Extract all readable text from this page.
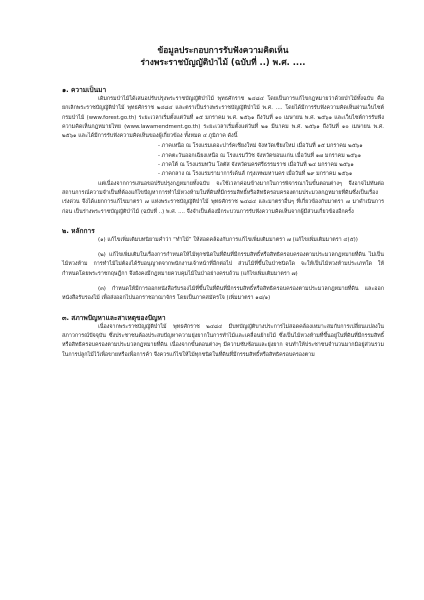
ข้อมูลประกอบการรับฟังความคิดเห็น
ร่างพระราชบัญญัติป่าไม้ (ฉบับที่ ..) พ.ศ. ....
๑. ความเป็นมา

เดิมกรมป่าไม้ได้เสนอปรับปรุงพระราชบัญญัติป่าไม้ พุทธศักราช ๒๔๘๔ โดยเป็นการแก้ไขกฎหมายว่าด้วยป่าไม้ทั้งฉบับ คือ ยกเลิกพระราชบัญญัติป่าไม้ พุทธศักราช ๒๔๘๔ และตราเป็นร่างพระราชบัญญัติป่าไม้ พ.ศ. .... โดยได้มีการรับฟังความคิดเห็นผ่านเว็บไซต์กรมป่าไม้ (www.forest.go.th) ระยะเวลาเริ่มตั้งแต่วันที่ ๑๕ มกราคม พ.ศ. ๒๕๖๑ ถึงวันที่ ๑๐ เมษายน พ.ศ. ๒๕๖๑ และเว็บไซต์การรับฟังความคิดเห็นกฎหมายไทย (www.lawamendment.go.th) ระยะเวลาเริ่มตั้งแต่วันที่ ๒๑ มีนาคม พ.ศ. ๒๕๖๑ ถึงวันที่ ๑๐ เมษายน พ.ศ. ๒๕๖๑ และได้มีการรับฟังความคิดเห็นของผู้เกี่ยวข้อง ทั้งหมด ๔ ภูมิภาค ดังนี้

- ภาคเหนือ ณ โรงแรมเดอะปาร์คเชียงใหม่ จังหวัดเชียงใหม่ เมื่อวันที่ ๑๕ มกราคม ๒๕๖๑
- ภาคตะวันออกเฉียงเหนือ ณ โรงแรมวีวิช จังหวัดขอนแก่น เมื่อวันที่ ๑๗ มกราคม ๒๕๖๑
- ภาคใต้ ณ โรงแรมทวิน โลตัส จังหวัดนครศรีธรรมราช เมื่อวันที่ ๒๔ มกราคม ๒๕๖๑
- ภาคกลาง ณ โรงแรมรามาการ์เด้นส์ กรุงเทพมหานคร เมื่อวันที่ ๒๙ มกราคม ๒๕๖๑

แต่เนื่องจากการเสนอขอปรับปรุงกฎหมายทั้งฉบับ จะใช้เวลาค่อนข้างมากในการพิจารณาในขั้นตอนต่างๆ จึงอาจไม่ทันต่อสถานการณ์ความจำเป็นที่ต้องแก้ไขปัญหาการทำไม้หวงห้ามในที่ดินที่มีกรรมสิทธิ์หรือสิทธิครอบครองตามประมวลกฎหมายที่ดินซึ่งเป็นเรื่องเร่งด่วน จึงได้แยกการแก้ไขมาตรา ๗ แห่งพระราชบัญญัติป่าไม้ พุทธศักราช ๒๔๘๔ และมาตราอื่นๆ ที่เกี่ยวข้องกับมาตรา ๗ มาดำเนินการก่อน เป็นร่างพระราชบัญญัติป่าไม้ (ฉบับที่ ..) พ.ศ. .... จึงจำเป็นต้องมีกระบวนการรับฟังความคิดเห็นจากผู้มีส่วนเกี่ยวข้องอีกครั้ง

๒. หลักการ

(๑) แก้ไขเพิ่มเติมบทนิยามคำว่า “ทำไม้” ให้สอดคล้องกับการแก้ไขเพิ่มเติมมาตรา ๗ (แก้ไขเพิ่มเติมมาตรา ๔(๕))

(๒) แก้ไขเพิ่มเติมในเรื่องการกำหนดให้ไม้ทุกชนิดในที่ดินที่มีกรรมสิทธิ์หรือสิทธิครอบครองตามประมวลกฎหมายที่ดิน ไม่เป็นไม้หวงห้าม การทำไม้ไม่ต้องได้รับอนุญาตจากพนักงานเจ้าหน้าที่อีกต่อไป ส่วนไม้ที่ขึ้นในป่าชนิดใด จะให้เป็นไม้หวงห้ามประเภทใด ให้กำหนดโดยพระราชกฤษฎีกา จึงยังคงมีกฎหมายควบคุมไม้ในป่าอย่างครบถ้วน (แก้ไขเพิ่มเติมมาตรา ๗)

(๓) กำหนดให้มีการออกหนังสือรับรองไม้ที่ขึ้นในที่ดินที่มีกรรมสิทธิ์หรือสิทธิครอบครองตามประมวลกฎหมายที่ดิน และออกหนังสือรับรองไม้ เพื่อส่งออกไปนอกราชอาณาจักร โดยเป็นภาคสมัครใจ (เพิ่มมาตรา ๑๘/๑)

๓. สภาพปัญหาและสาเหตุของปัญหา

เนื่องจากพระราชบัญญัติป่าไม้ พุทธศักราช ๒๔๘๔ มีบทบัญญัติบางประการไม่สอดคล้องเหมาะสมกับการเปลี่ยนแปลงในสภาวการณ์ปัจจุบัน ซึ่งประชาชนต้องประสบปัญหาความยุ่งยากในการทำไม้และเคลื่อนย้ายไม้ ซึ่งเป็นไม้หวงห้ามที่ขึ้นอยู่ในที่ดินที่มีกรรมสิทธิ์หรือสิทธิครอบครองตามประมวลกฎหมายที่ดิน เนื่องจากขั้นตอนต่างๆ มีความซับซ้อนและยุ่งยาก จนทำให้ประชาชนจำนวนมากมิอยู่ส่วนรวมในการปลูกไม้ไว้เพื่อขายหรือเพื่อการค้า จึงควรแก้ไขให้ไม้ทุกชนิดในที่ดินที่มีกรรมสิทธิ์หรือสิทธิครอบครองตาม
